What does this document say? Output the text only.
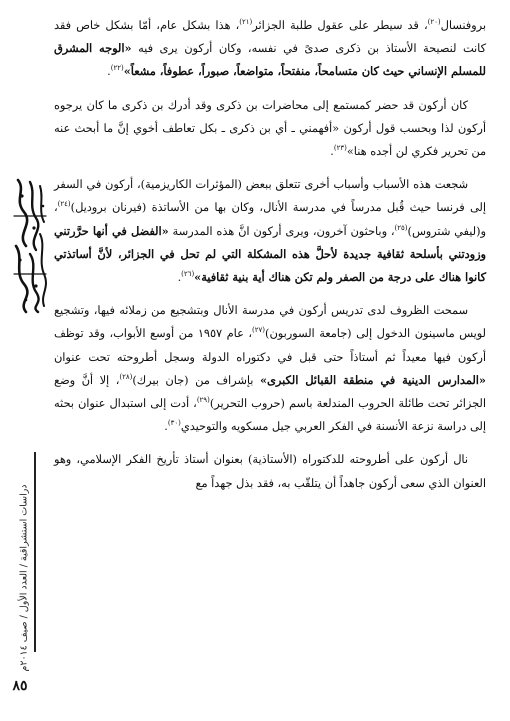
دراسات استشراقية / العدد الأول / صيف ٢٠١٤م
٨٥

بروفنسال$^{(٢٠)}$، قد سيطر على عقول طلبة الجزائر$^{(٢١)}$، هذا بشكل عام، أمّا بشكل خاص فقد كانت لنصيحة الأستاذ بن ذكرى صدىً في نفسه، وكان أركون يرى فيه «الوجه المشرق للمسلم الإنساني حيث كان متسامحاً، منفتحاً، متواضعاً، صبوراً، عطوفاً، مشعاً»$^{(٢٢)}$.

كان أركون قد حضر كمستمع إلى محاضرات بن ذكرى وقد أدرك بن ذكرى ما كان يرجوه أركون لذا وبحسب قول أركون «أفهمني ـ أي بن ذكرى ـ بكل تعاطف أخوي إنَّ ما أبحث عنه من تحرير فكري لن أجده هنا»$^{(٢٣)}$.

شجعت هذه الأسباب وأسباب أخرى تتعلق ببعض (المؤثرات الكاريزمية)، أركون في السفر إلى فرنسا حيث قُبل مدرساً في مدرسة الأنال، وكان بها من الأساتذة (فيرنان بروديل)$^{(٢٤)}$، و(ليفي شتروس)$^{(٢٥)}$، وباحثون آخرون، ويرى أركون انَّ هذه المدرسة «الفضل في أنها حرَّرتني وزودتني بأسلحة ثقافية جديدة لأحلَّ هذه المشكلة التي لم تحل في الجزائر، لأنَّ أساتذتي كانوا هناك على درجة من الصفر ولم تكن هناك أية بنية ثقافية»$^{(٢٦)}$.

سمحت الظروف لدى تدريس أركون في مدرسة الأنال وبتشجيع من زملائه فيها، وتشجيع لويس ماسينون الدخول إلى (جامعة السوربون)$^{(٢٧)}$، عام ١٩٥٧ من أوسع الأبواب، وقد توظف أركون فيها معيداً ثم أستاذاً حتى قبل في دكتوراه الدولة وسجل أطروحته تحت عنوان «المدارس الدينية في منطقة القبائل الكبرى» بإشراف من (جان بيرك)$^{(٢٨)}$، إلا أنَّ وضع الجزائر تحت طائلة الحروب المندلعة باسم (حروب التحرير)$^{(٢٩)}$، أدت إلى استبدال عنوان بحثه إلى دراسة نزعة الأنسنة في الفكر العربي جيل مسكويه والتوحيدي$^{(٣٠)}$.

نال أركون على أطروحته للدكتوراه (الأستاذية) بعنوان أستاذ تأريخ الفكر الإسلامي، وهو العنوان الذي سعى أركون جاهداً أن يتلقّب به، فقد بذل جهداً مع
